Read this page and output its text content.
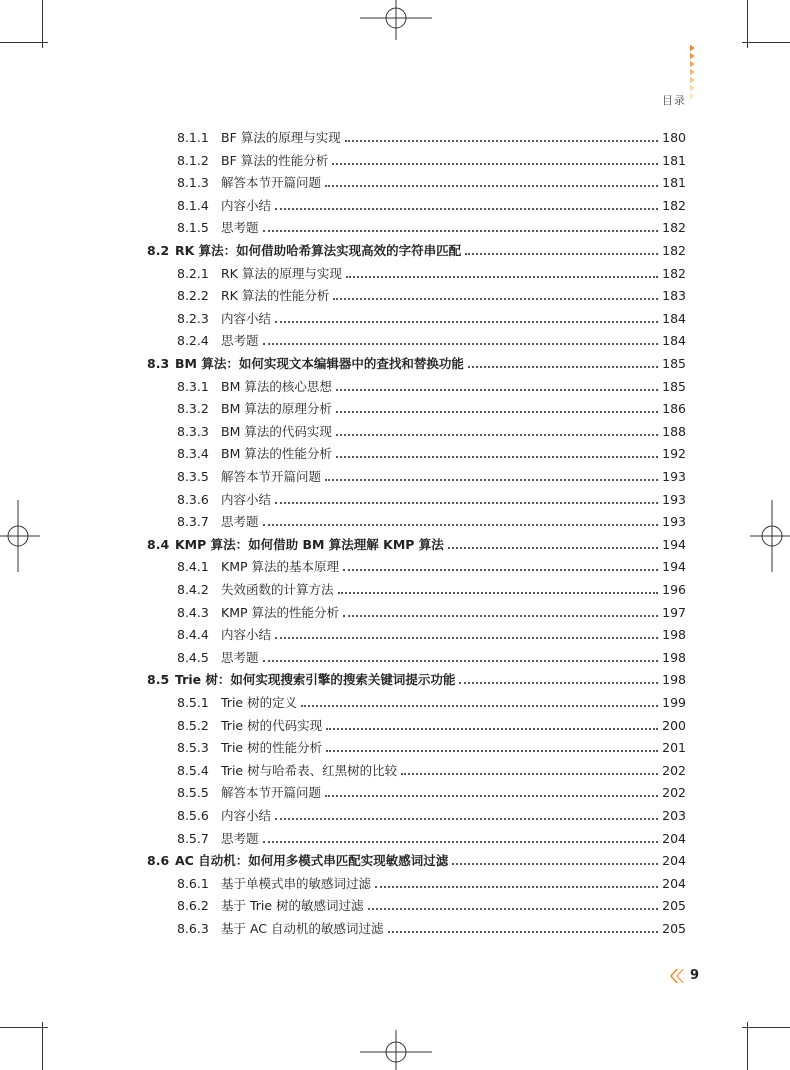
目录
8.1.1 BF 算法的原理与实现	180
8.1.2 BF 算法的性能分析	181
8.1.3 解答本节开篇问题	181
8.1.4 内容小结	182
8.1.5 思考题	182
8.2 RK 算法：如何借助哈希算法实现高效的字符串匹配	182
8.2.1 RK 算法的原理与实现	182
8.2.2 RK 算法的性能分析	183
8.2.3 内容小结	184
8.2.4 思考题	184
8.3 BM 算法：如何实现文本编辑器中的查找和替换功能	185
8.3.1 BM 算法的核心思想	185
8.3.2 BM 算法的原理分析	186
8.3.3 BM 算法的代码实现	188
8.3.4 BM 算法的性能分析	192
8.3.5 解答本节开篇问题	193
8.3.6 内容小结	193
8.3.7 思考题	193
8.4 KMP 算法：如何借助 BM 算法理解 KMP 算法	194
8.4.1 KMP 算法的基本原理	194
8.4.2 失效函数的计算方法	196
8.4.3 KMP 算法的性能分析	197
8.4.4 内容小结	198
8.4.5 思考题	198
8.5 Trie 树：如何实现搜索引擎的搜索关键词提示功能	198
8.5.1 Trie 树的定义	199
8.5.2 Trie 树的代码实现	200
8.5.3 Trie 树的性能分析	201
8.5.4 Trie 树与哈希表、红黑树的比较	202
8.5.5 解答本节开篇问题	202
8.5.6 内容小结	203
8.5.7 思考题	204
8.6 AC 自动机：如何用多模式串匹配实现敏感词过滤	204
8.6.1 基于单模式串的敏感词过滤	204
8.6.2 基于 Trie 树的敏感词过滤	205
8.6.3 基于 AC 自动机的敏感词过滤	205
9
